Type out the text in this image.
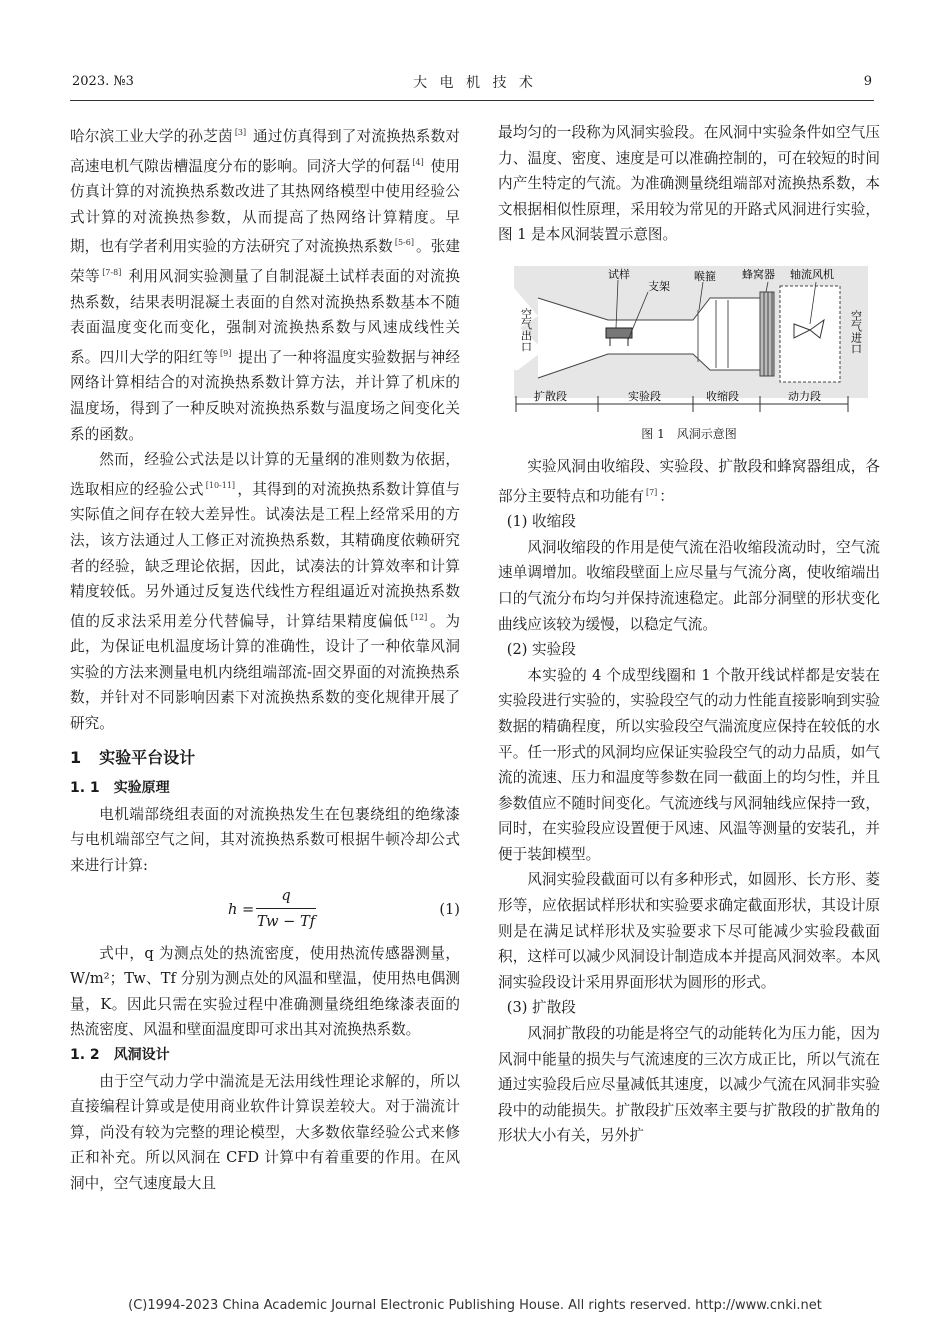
2023. №3	大 电 机 技 术	9

哈尔滨工业大学的孙芝茵 [3] 通过仿真得到了对流换热系数对高速电机气隙齿槽温度分布的影响。同济大学的何磊 [4] 使用仿真计算的对流换热系数改进了其热网络模型中使用经验公式计算的对流换热参数，从而提高了热网络计算精度。早期，也有学者利用实验的方法研究了对流换热系数 [5-6] 。张建荣等 [7-8] 利用风洞实验测量了自制混凝土试样表面的对流换热系数，结果表明混凝土表面的自然对流换热系数基本不随表面温度变化而变化，强制对流换热系数与风速成线性关系。四川大学的阳红等 [9] 提出了一种将温度实验数据与神经网络计算相结合的对流换热系数计算方法，并计算了机床的温度场，得到了一种反映对流换热系数与温度场之间变化关系的函数。

然而，经验公式法是以计算的无量纲的准则数为依据，选取相应的经验公式 [10-11] ，其得到的对流换热系数计算值与实际值之间存在较大差异性。试凑法是工程上经常采用的方法，该方法通过人工修正对流换热系数，其精确度依赖研究者的经验，缺乏理论依据，因此，试凑法的计算效率和计算精度较低。另外通过反复迭代线性方程组逼近对流换热系数值的反求法采用差分代替偏导，计算结果精度偏低 [12] 。为此，为保证电机温度场计算的准确性，设计了一种依靠风洞实验的方法来测量电机内绕组端部流-固交界面的对流换热系数，并针对不同影响因素下对流换热系数的变化规律开展了研究。

1 实验平台设计

1. 1 实验原理

电机端部绕组表面的对流换热发生在包裹绕组的绝缘漆与电机端部空气之间，其对流换热系数可根据牛顿冷却公式来进行计算:

$h = \frac{q}{Tw - Tf}$	(1)

式中，q 为测点处的热流密度，使用热流传感器测量，W/m²；Tw、Tf 分别为测点处的风温和壁温，使用热电偶测量，K。因此只需在实验过程中准确测量绕组绝缘漆表面的热流密度、风温和壁面温度即可求出其对流换热系数。

1. 2 风洞设计

由于空气动力学中湍流是无法用线性理论求解的，所以直接编程计算或是使用商业软件计算误差较大。对于湍流计算，尚没有较为完整的理论模型，大多数依靠经验公式来修正和补充。所以风洞在 CFD 计算中有着重要的作用。在风洞中，空气速度最大且

最均匀的一段称为风洞实验段。在风洞中实验条件如空气压力、温度、密度、速度是可以准确控制的，可在较短的时间内产生特定的气流。为准确测量绕组端部对流换热系数，本文根据相似性原理，采用较为常见的开路式风洞进行实验，图 1 是本风洞装置示意图。

试样
支架
喉箍 蜂窝器 轴流风机
空气出口	空气进口
扩散段	实验段	收缩段	动力段

图 1　风洞示意图

实验风洞由收缩段、实验段、扩散段和蜂窝器组成，各部分主要特点和功能有 [7] ：

(1) 收缩段

风洞收缩段的作用是使气流在沿收缩段流动时，空气流速单调增加。收缩段壁面上应尽量与气流分离，使收缩端出口的气流分布均匀并保持流速稳定。此部分洞壁的形状变化曲线应该较为缓慢，以稳定气流。

(2) 实验段

本实验的 4 个成型线圈和 1 个散开线试样都是安装在实验段进行实验的，实验段空气的动力性能直接影响到实验数据的精确程度，所以实验段空气湍流度应保持在较低的水平。任一形式的风洞均应保证实验段空气的动力品质，如气流的流速、压力和温度等参数在同一截面上的均匀性，并且参数值应不随时间变化。气流迹线与风洞轴线应保持一致，同时，在实验段应设置便于风速、风温等测量的安装孔，并便于装卸模型。

风洞实验段截面可以有多种形式，如圆形、长方形、菱形等，应依据试样形状和实验要求确定截面形状，其设计原则是在满足试样形状及实验要求下尽可能减少实验段截面积，这样可以减少风洞设计制造成本并提高风洞效率。本风洞实验段设计采用界面形状为圆形的形式。

(3) 扩散段

风洞扩散段的功能是将空气的动能转化为压力能，因为风洞中能量的损失与气流速度的三次方成正比，所以气流在通过实验段后应尽量减低其速度，以减少气流在风洞非实验段中的动能损失。扩散段扩压效率主要与扩散段的扩散角的形状大小有关，另外扩

(C)1994-2023 China Academic Journal Electronic Publishing House. All rights reserved. http://www.cnki.net
